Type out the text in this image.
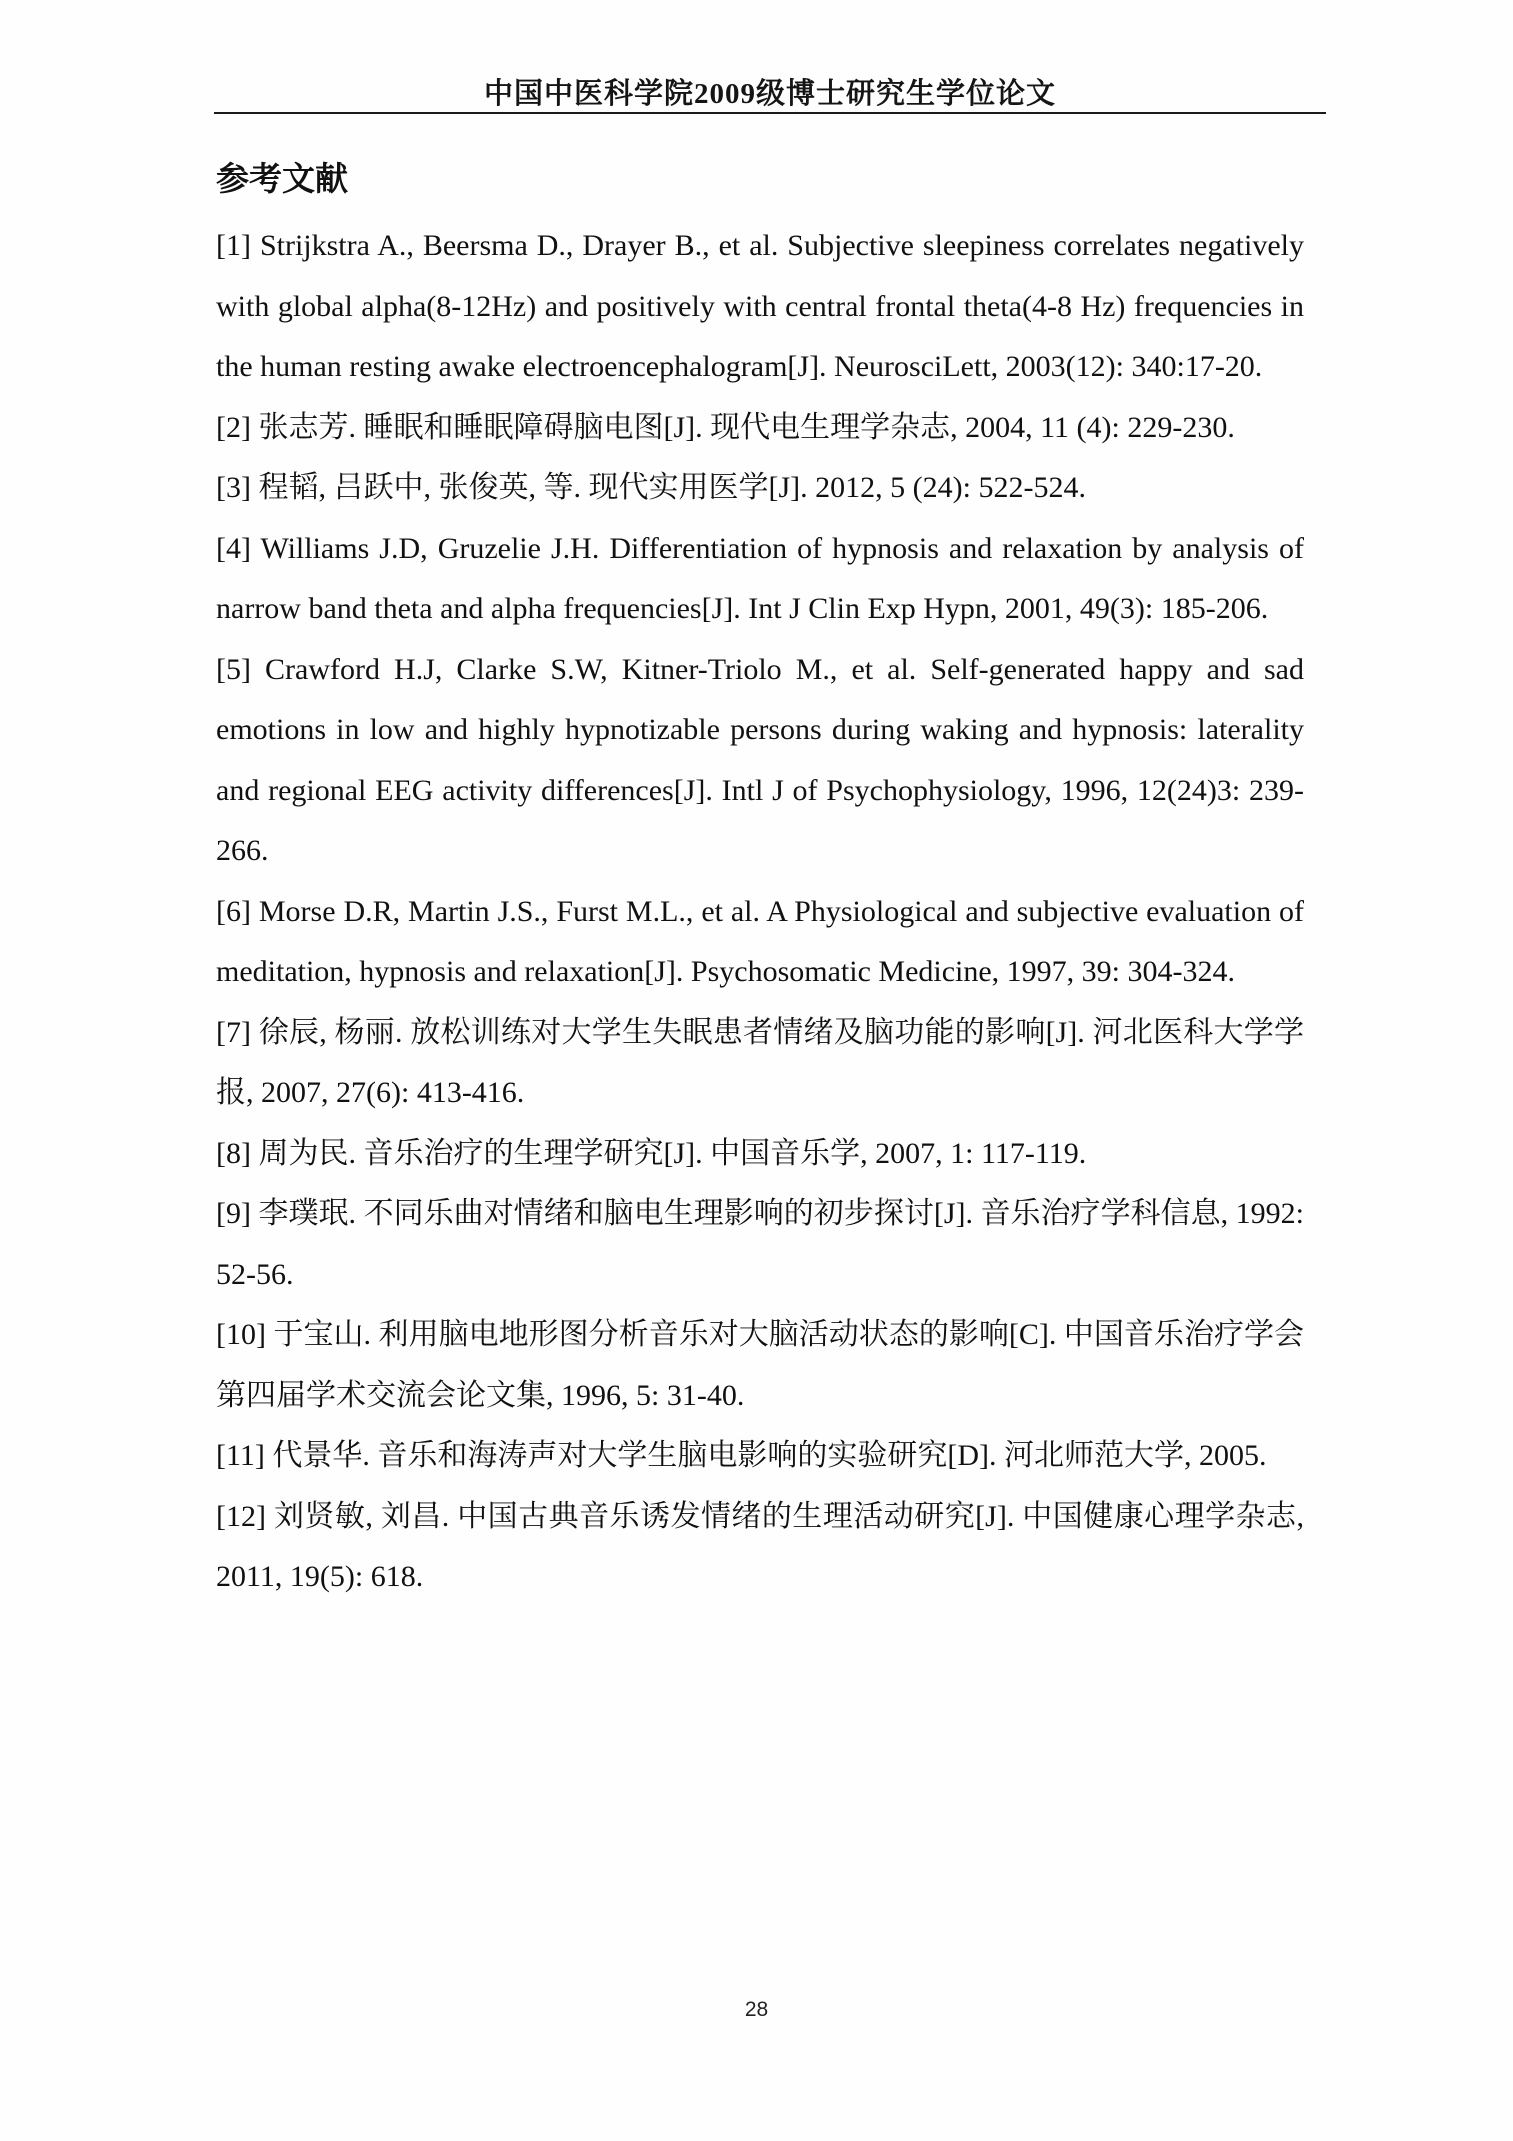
中国中医科学院2009级博士研究生学位论文
参考文献

[1] Strijkstra A., Beersma D., Drayer B., et al. Subjective sleepiness correlates negatively with global alpha(8-12Hz) and positively with central frontal theta(4-8 Hz) frequencies in the human resting awake electroencephalogram[J]. NeurosciLett, 2003(12): 340:17-20.

[2] 张志芳. 睡眠和睡眠障碍脑电图[J]. 现代电生理学杂志, 2004, 11 (4): 229-230.

[3] 程韬, 吕跃中, 张俊英, 等. 现代实用医学[J]. 2012, 5 (24): 522-524.

[4] Williams J.D, Gruzelie J.H. Differentiation of hypnosis and relaxation by analysis of narrow band theta and alpha frequencies[J]. Int J Clin Exp Hypn, 2001, 49(3): 185-206.

[5] Crawford H.J, Clarke S.W, Kitner-Triolo M., et al. Self-generated happy and sad emotions in low and highly hypnotizable persons during waking and hypnosis: laterality and regional EEG activity differences[J]. Intl J of Psychophysiology, 1996, 12(24)3: 239-266.

[6] Morse D.R, Martin J.S., Furst M.L., et al. A Physiological and subjective evaluation of meditation, hypnosis and relaxation[J]. Psychosomatic Medicine, 1997, 39: 304-324.

[7] 徐辰, 杨丽. 放松训练对大学生失眠患者情绪及脑功能的影响[J]. 河北医科大学学报, 2007, 27(6): 413-416.

[8] 周为民. 音乐治疗的生理学研究[J]. 中国音乐学, 2007, 1: 117-119.

[9] 李璞珉. 不同乐曲对情绪和脑电生理影响的初步探讨[J]. 音乐治疗学科信息, 1992: 52-56.

[10] 于宝山. 利用脑电地形图分析音乐对大脑活动状态的影响[C]. 中国音乐治疗学会第四届学术交流会论文集, 1996, 5: 31-40.

[11] 代景华. 音乐和海涛声对大学生脑电影响的实验研究[D]. 河北师范大学, 2005.

[12] 刘贤敏, 刘昌. 中国古典音乐诱发情绪的生理活动研究[J]. 中国健康心理学杂志, 2011, 19(5): 618.

28
